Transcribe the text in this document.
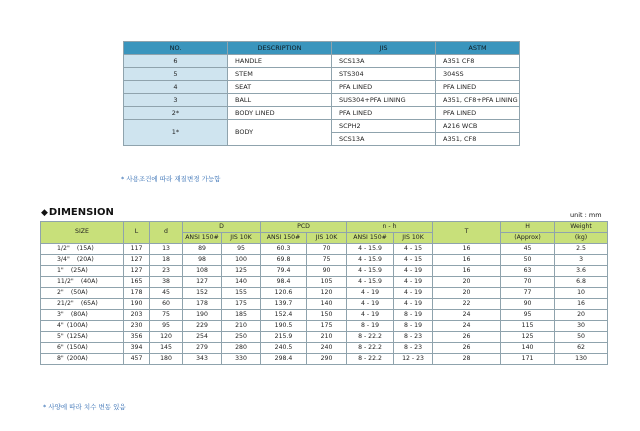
NO.	DESCRIPTION	JIS	ASTM
6	HANDLE	SCS13A	A351 CF8
5	STEM	STS304	304SS
4	SEAT	PFA LINED	PFA LINED
3	BALL	SUS304+PFA LINING	A351, CF8+PFA LINING
2*	BODY LINED	PFA LINED	PFA LINED
1*	BODY	SCPH2	A216 WCB
		SCS13A	A351, CF8
* 사용조건에 따라 재질변경 가능함
◆DIMENSION	unit : mm
SIZE	L	d	D		PCD		n - h		T	H	Weight
			ANSI 150#	JIS 10K	ANSI 150#	JIS 10K	ANSI 150#	JIS 10K		(Approx)	(kg)
1/2" (15A)	117	13	89	95	60.3	70	4 - 15.9	4 - 15	16	45	2.5
3/4" (20A)	127	18	98	100	69.8	75	4 - 15.9	4 - 15	16	50	3
1" (25A)	127	23	108	125	79.4	90	4 - 15.9	4 - 19	16	63	3.6
11/2" (40A)	165	38	127	140	98.4	105	4 - 15.9	4 - 19	20	70	6.8
2" (50A)	178	45	152	155	120.6	120	4 - 19	4 - 19	20	77	10
21/2" (65A)	190	60	178	175	139.7	140	4 - 19	4 - 19	22	90	16
3" (80A)	203	75	190	185	152.4	150	4 - 19	8 - 19	24	95	20
4" (100A)	230	95	229	210	190.5	175	8 - 19	8 - 19	24	115	30
5" (125A)	356	120	254	250	215.9	210	8 - 22.2	8 - 23	26	125	50
6" (150A)	394	145	279	280	240.5	240	8 - 22.2	8 - 23	26	140	62
8" (200A)	457	180	343	330	298.4	290	8 - 22.2	12 - 23	28	171	130
* 사양에 따라 치수 변동 있음
